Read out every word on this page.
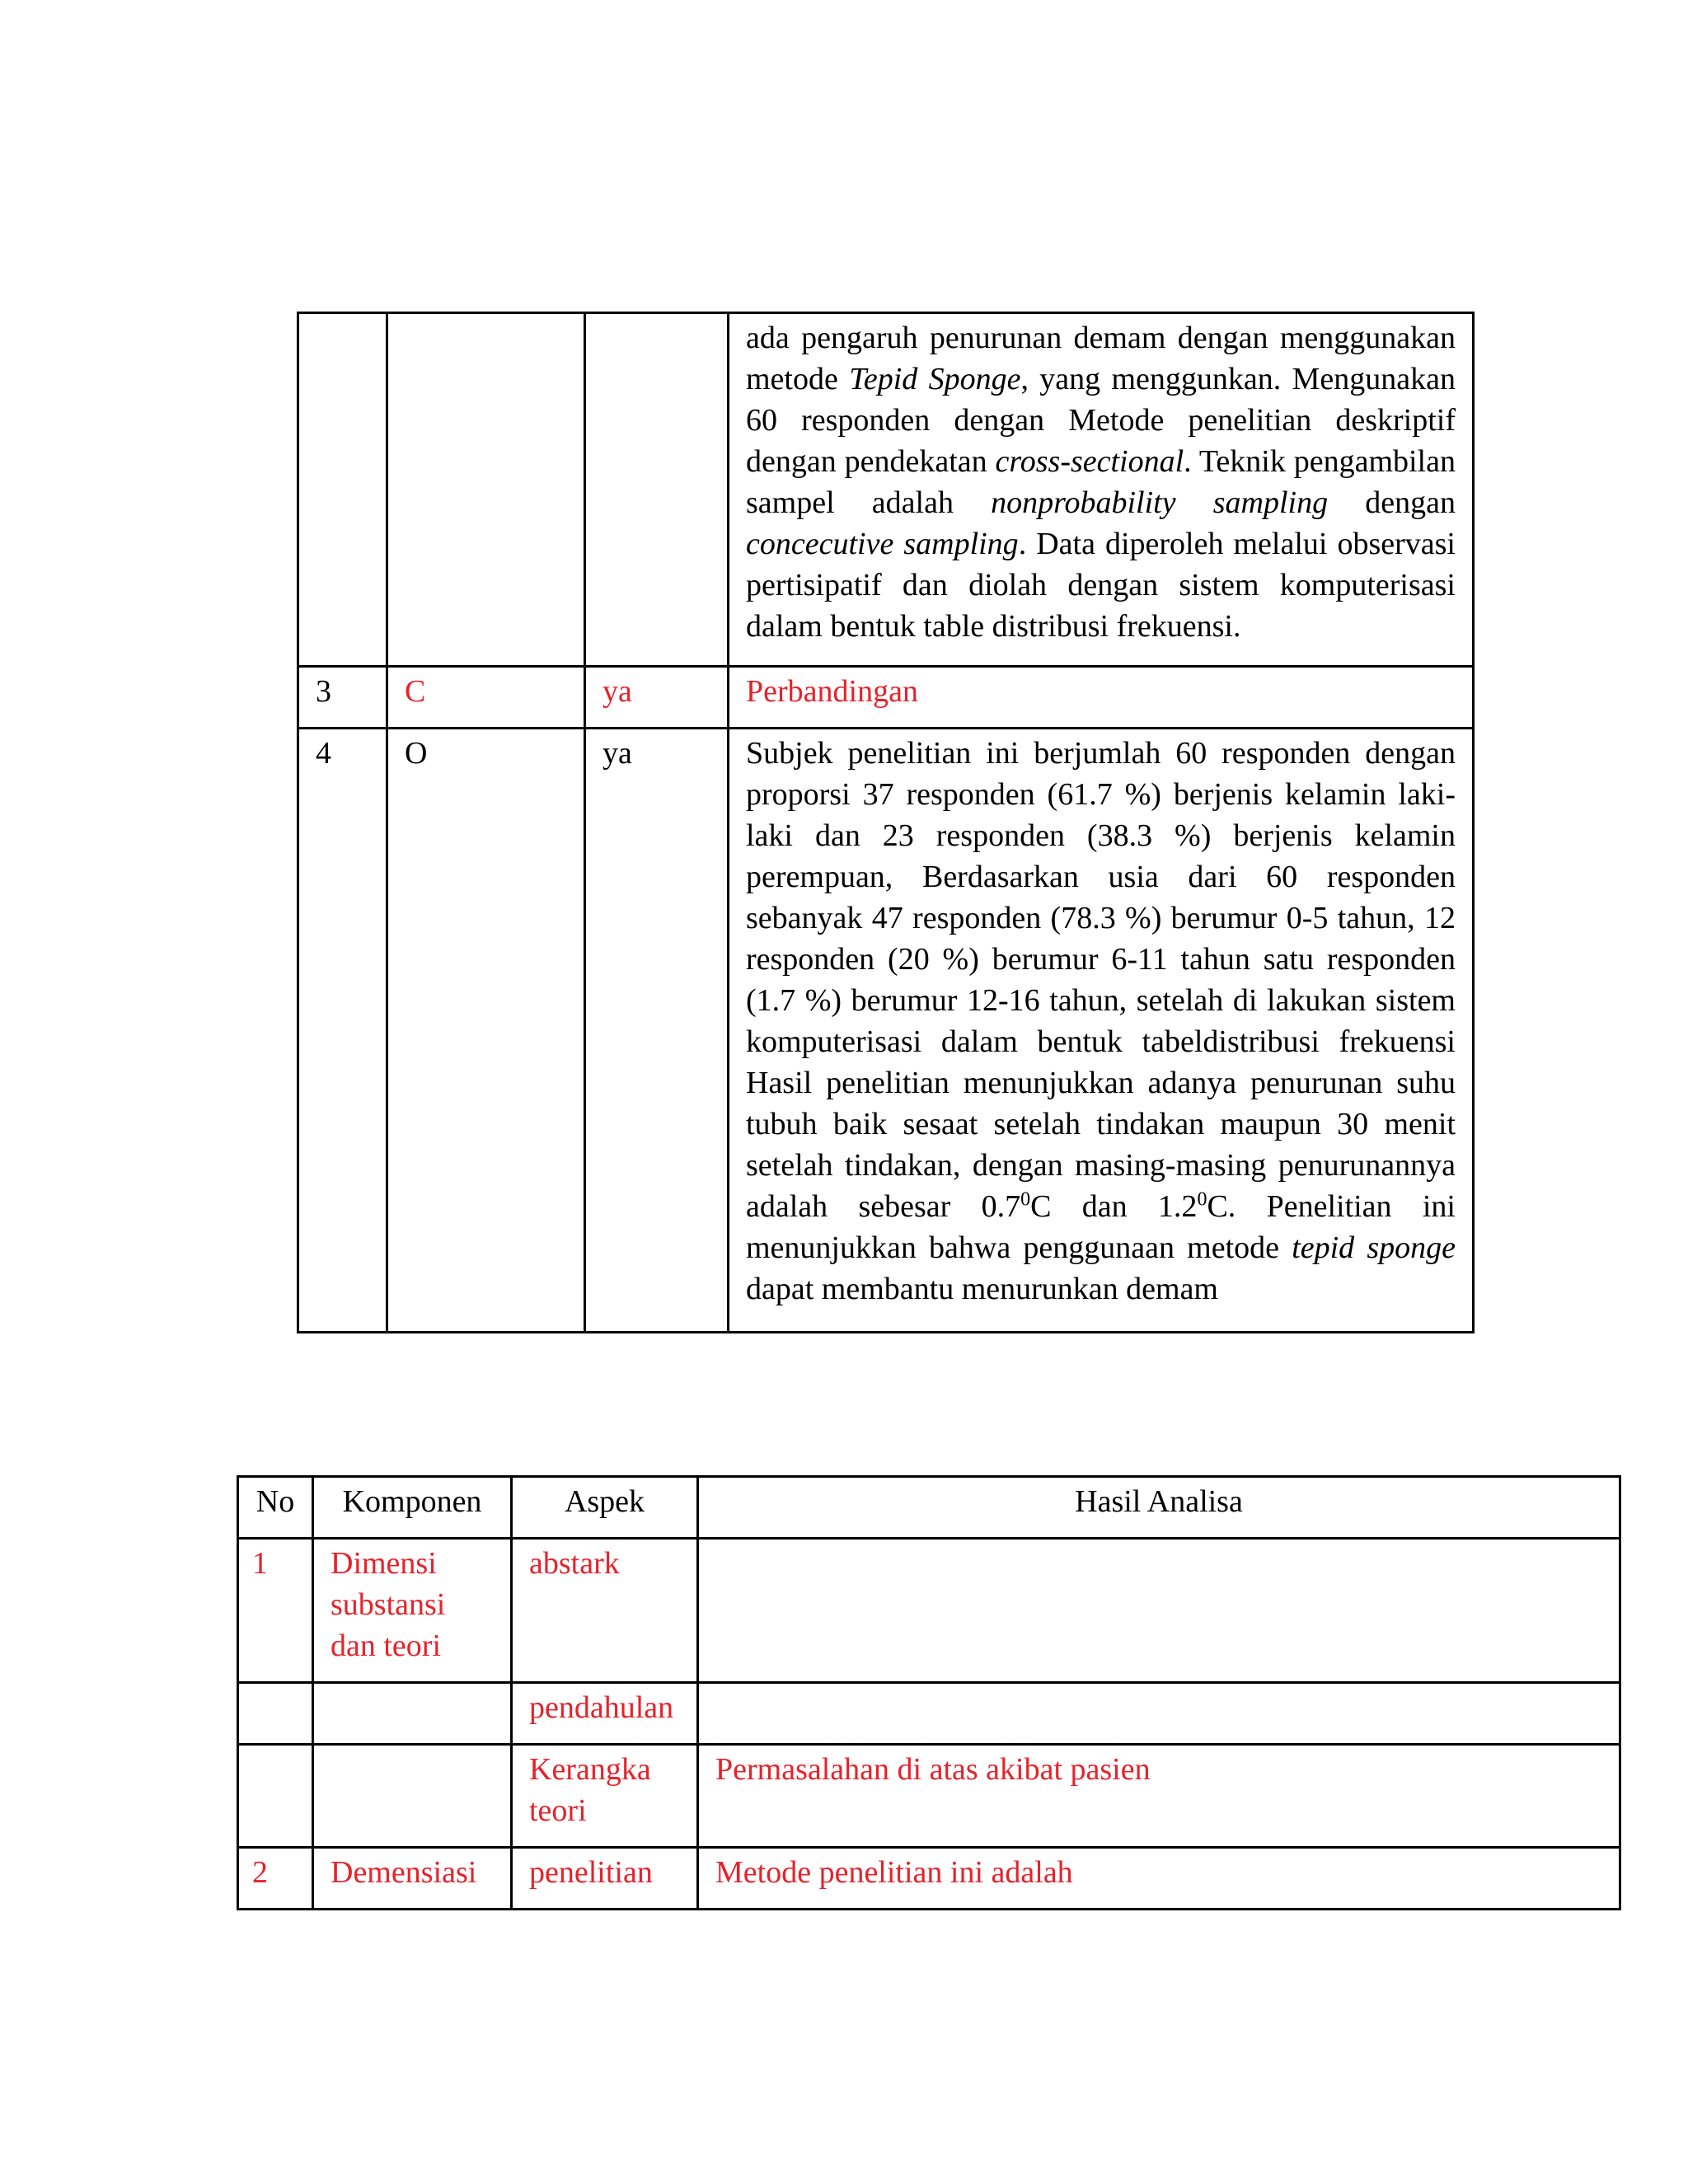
			ada pengaruh penurunan demam dengan menggunakan metode Tepid Sponge, yang menggunkan. Mengunakan 60 responden dengan Metode penelitian deskriptif dengan pendekatan cross-sectional. Teknik pengambilan sampel adalah nonprobability sampling dengan concecutive sampling. Data diperoleh melalui observasi pertisipatif dan diolah dengan sistem komputerisasi dalam bentuk table distribusi frekuensi.
3	C	ya	Perbandingan
4	O	ya	Subjek penelitian ini berjumlah 60 responden dengan proporsi 37 responden (61.7 %) berjenis kelamin laki-laki dan 23 responden (38.3 %) berjenis kelamin perempuan, Berdasarkan usia dari 60 responden sebanyak 47 responden (78.3 %) berumur 0-5 tahun, 12 responden (20 %) berumur 6-11 tahun satu responden (1.7 %) berumur 12-16 tahun, setelah di lakukan sistem komputerisasi dalam bentuk tabeldistribusi frekuensi Hasil penelitian menunjukkan adanya penurunan suhu tubuh baik sesaat setelah tindakan maupun 30 menit setelah tindakan, dengan masing-masing penurunannya adalah sebesar $0.7^0C$ dan $1.2^0C$. Penelitian ini menunjukkan bahwa penggunaan metode tepid sponge dapat membantu menurunkan demam
No	Komponen	Aspek	Hasil Analisa
1	Dimensi substansi dan teori	abstark	
		pendahulan	
		Kerangka teori	Permasalahan di atas akibat pasien
2	Demensiasi	penelitian	Metode penelitian ini adalah
